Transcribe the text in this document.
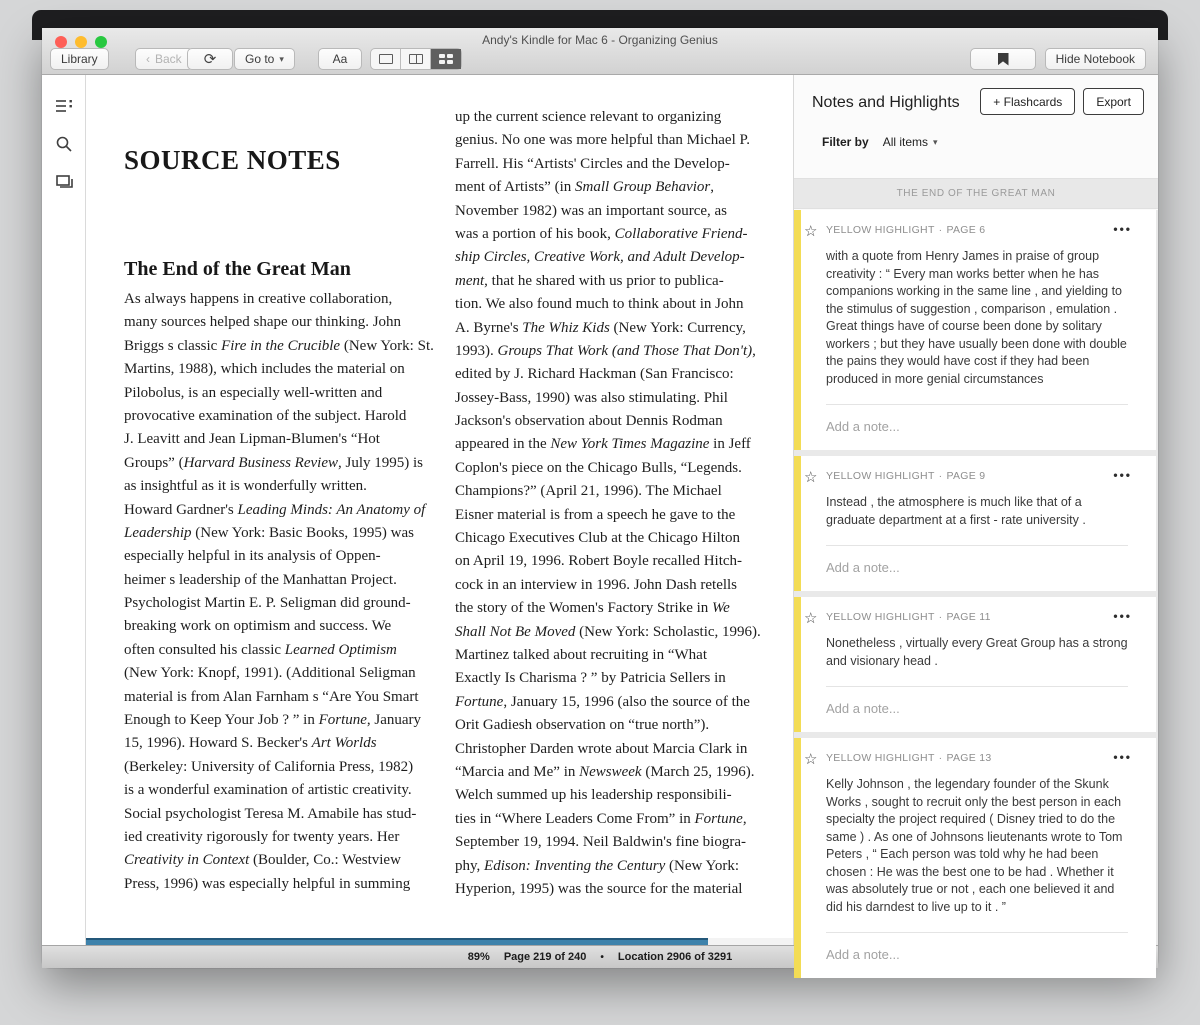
Andy's Kindle for Mac 6 - Organizing Genius
Library	‹ Back ⟳ Go to ▾	Aa	Hide Notebook
SOURCE NOTES
The End of the Great Man
As always happens in creative collaboration,
many sources helped shape our thinking. John
Briggs s classic Fire in the Crucible (New York: St.
Martins, 1988), which includes the material on
Pilobolus, is an especially well-written and
provocative examination of the subject. Harold
J. Leavitt and Jean Lipman-Blumen's “Hot
Groups” (Harvard Business Review, July 1995) is
as insightful as it is wonderfully written.
Howard Gardner's Leading Minds: An Anatomy of
Leadership (New York: Basic Books, 1995) was
especially helpful in its analysis of Oppen-
heimer s leadership of the Manhattan Project.
Psychologist Martin E. P. Seligman did ground-
breaking work on optimism and success. We
often consulted his classic Learned Optimism
(New York: Knopf, 1991). (Additional Seligman
material is from Alan Farnham s “Are You Smart
Enough to Keep Your Job ? ” in Fortune, January
15, 1996). Howard S. Becker's Art Worlds
(Berkeley: University of California Press, 1982)
is a wonderful examination of artistic creativity.
Social psychologist Teresa M. Amabile has stud-
ied creativity rigorously for twenty years. Her
Creativity in Context (Boulder, Co.: Westview
Press, 1996) was especially helpful in summing
up the current science relevant to organizing
genius. No one was more helpful than Michael P.
Farrell. His “Artists' Circles and the Develop-
ment of Artists” (in Small Group Behavior,
November 1982) was an important source, as
was a portion of his book, Collaborative Friend-
ship Circles, Creative Work, and Adult Develop-
ment, that he shared with us prior to publica-
tion. We also found much to think about in John
A. Byrne's The Whiz Kids (New York: Currency,
1993). Groups That Work (and Those That Don't),
edited by J. Richard Hackman (San Francisco:
Jossey-Bass, 1990) was also stimulating. Phil
Jackson's observation about Dennis Rodman
appeared in the New York Times Magazine in Jeff
Coplon's piece on the Chicago Bulls, “Legends.
Champions?” (April 21, 1996). The Michael
Eisner material is from a speech he gave to the
Chicago Executives Club at the Chicago Hilton
on April 19, 1996. Robert Boyle recalled Hitch-
cock in an interview in 1996. John Dash retells
the story of the Women's Factory Strike in We
Shall Not Be Moved (New York: Scholastic, 1996).
Martinez talked about recruiting in “What
Exactly Is Charisma ? ” by Patricia Sellers in
Fortune, January 15, 1996 (also the source of the
Orit Gadiesh observation on “true north”).
Christopher Darden wrote about Marcia Clark in
“Marcia and Me” in Newsweek (March 25, 1996).
Welch summed up his leadership responsibili-
ties in “Where Leaders Come From” in Fortune,
September 19, 1994. Neil Baldwin's fine biogra-
phy, Edison: Inventing the Century (New York:
Hyperion, 1995) was the source for the material
89% Page 219 of 240 • Location 2906 of 3291
Notes and Highlights	+ Flashcards	Export
Filter by All items ▾
THE END OF THE GREAT MAN
☆ YELLOW HIGHLIGHT · PAGE 6	•••
with a quote from Henry James in praise of group creativity : “ Every man works better when he has companions working in the same line , and yielding to the stimulus of suggestion , comparison , emulation . Great things have of course been done by solitary workers ; but they have usually been done with double the pains they would have cost if they had been produced in more genial circumstances
Add a note...
☆ YELLOW HIGHLIGHT · PAGE 9	•••
Instead , the atmosphere is much like that of a graduate department at a first - rate university .
Add a note...
☆ YELLOW HIGHLIGHT · PAGE 11	•••
Nonetheless , virtually every Great Group has a strong and visionary head .
Add a note...
☆ YELLOW HIGHLIGHT · PAGE 13	•••
Kelly Johnson , the legendary founder of the Skunk Works , sought to recruit only the best person in each specialty the project required ( Disney tried to do the same ) . As one of Johnsons lieutenants wrote to Tom Peters , “ Each person was told why he had been chosen : He was the best one to be had . Whether it was absolutely true or not , each one believed it and did his darndest to live up to it . ”
Add a note...
